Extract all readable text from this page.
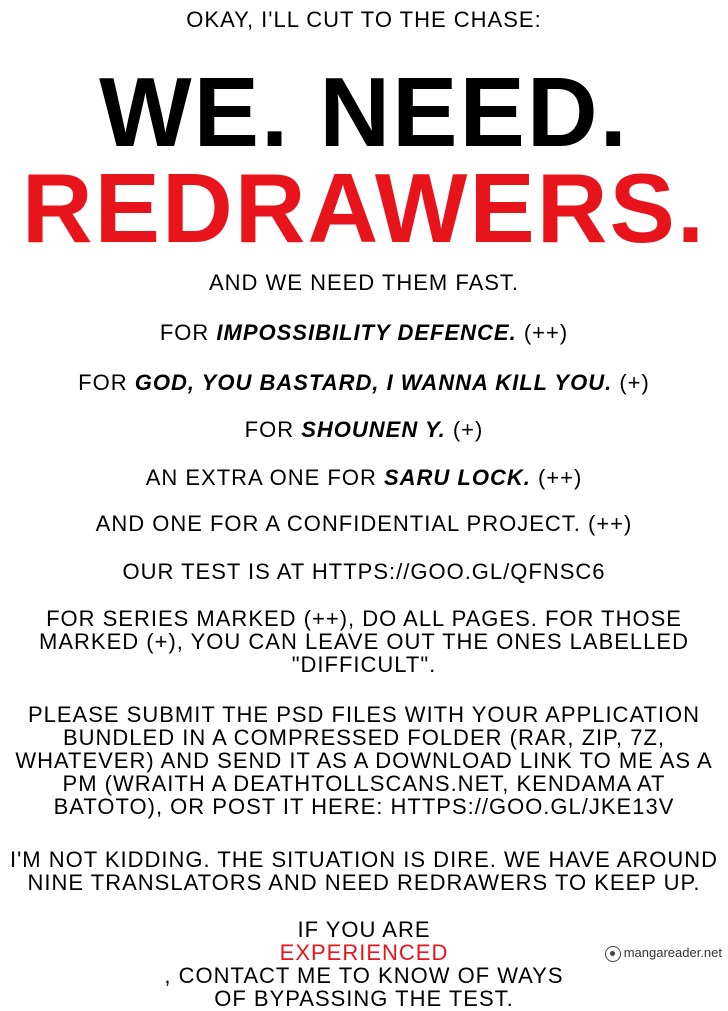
OKAY, I'LL CUT TO THE CHASE:
WE. NEED.
REDRAWERS.
AND WE NEED THEM FAST.
FOR IMPOSSIBILITY DEFENCE. (++)
FOR GOD, YOU BASTARD, I WANNA KILL YOU. (+)
FOR SHOUNEN Y. (+)
AN EXTRA ONE FOR SARU LOCK. (++)
AND ONE FOR A CONFIDENTIAL PROJECT. (++)
OUR TEST IS AT HTTPS://GOO.GL/QFNSC6
FOR SERIES MARKED (++), DO ALL PAGES. FOR THOSE
MARKED (+), YOU CAN LEAVE OUT THE ONES LABELLED
"DIFFICULT".
PLEASE SUBMIT THE PSD FILES WITH YOUR APPLICATION
BUNDLED IN A COMPRESSED FOLDER (RAR, ZIP, 7Z,
WHATEVER) AND SEND IT AS A DOWNLOAD LINK TO ME AS A
PM (WRAITH A DEATHTOLLSCANS.NET, KENDAMA AT
BATOTO), OR POST IT HERE: HTTPS://GOO.GL/JKE13V
I'M NOT KIDDING. THE SITUATION IS DIRE. WE HAVE AROUND
NINE TRANSLATORS AND NEED REDRAWERS TO KEEP UP.
IF YOU ARE
EXPERIENCED
, CONTACT ME TO KNOW OF WAYS
OF BYPASSING THE TEST.
mangareader.net
